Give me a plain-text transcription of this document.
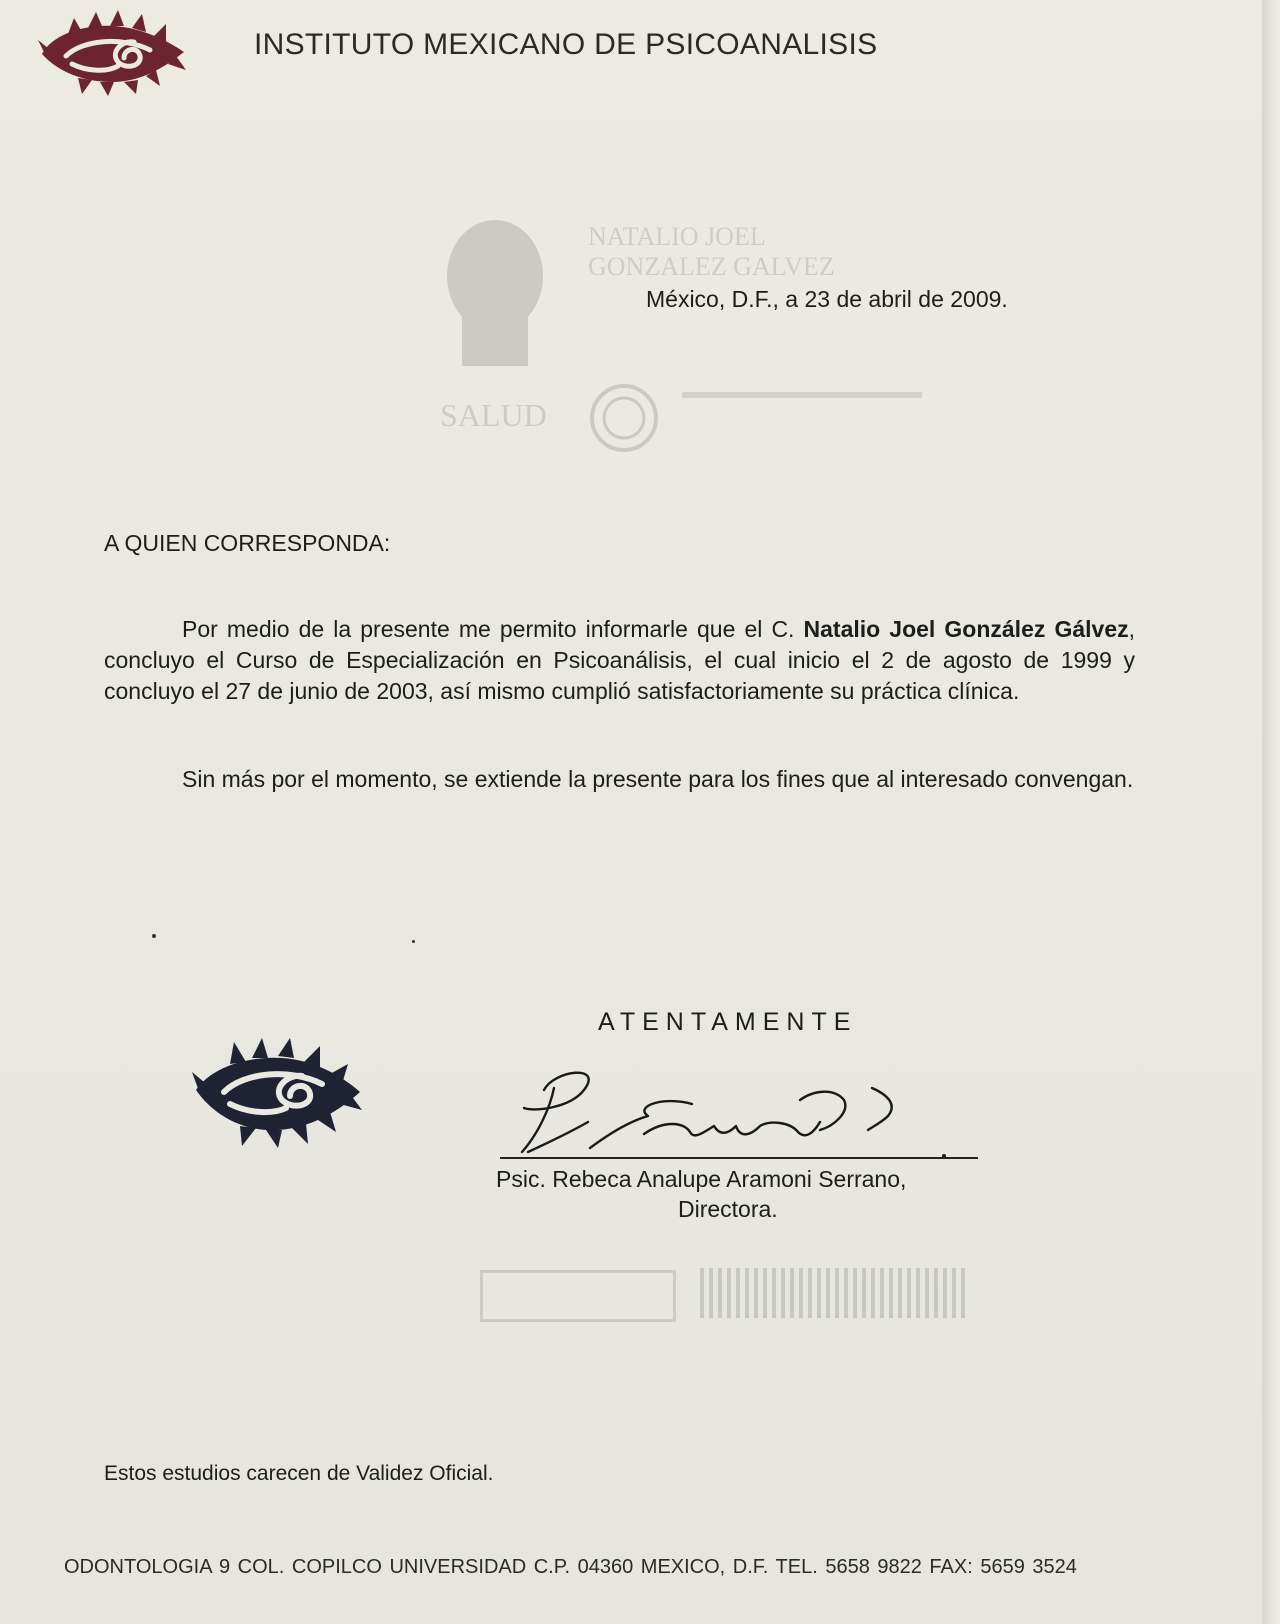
INSTITUTO MEXICANO DE PSICOANALISIS
NATALIO JOEL
GONZALEZ GALVEZ
SALUD
México, D.F., a 23 de abril de 2009.
A QUIEN CORRESPONDA:

Por medio de la presente me permito informarle que el C. Natalio Joel González Gálvez, concluyo el Curso de Especialización en Psicoanálisis, el cual inicio el 2 de agosto de 1999 y concluyo el 27 de junio de 2003, así mismo cumplió satisfactoriamente su práctica clínica.

Sin más por el momento, se extiende la presente para los fines que al interesado convengan.

ATENTAMENTE
Psic. Rebeca Analupe Aramoni Serrano,
Directora.
Estos estudios carecen de Validez Oficial.
ODONTOLOGIA 9 COL. COPILCO UNIVERSIDAD C.P. 04360 MEXICO, D.F. TEL. 5658 9822 FAX: 5659 3524
